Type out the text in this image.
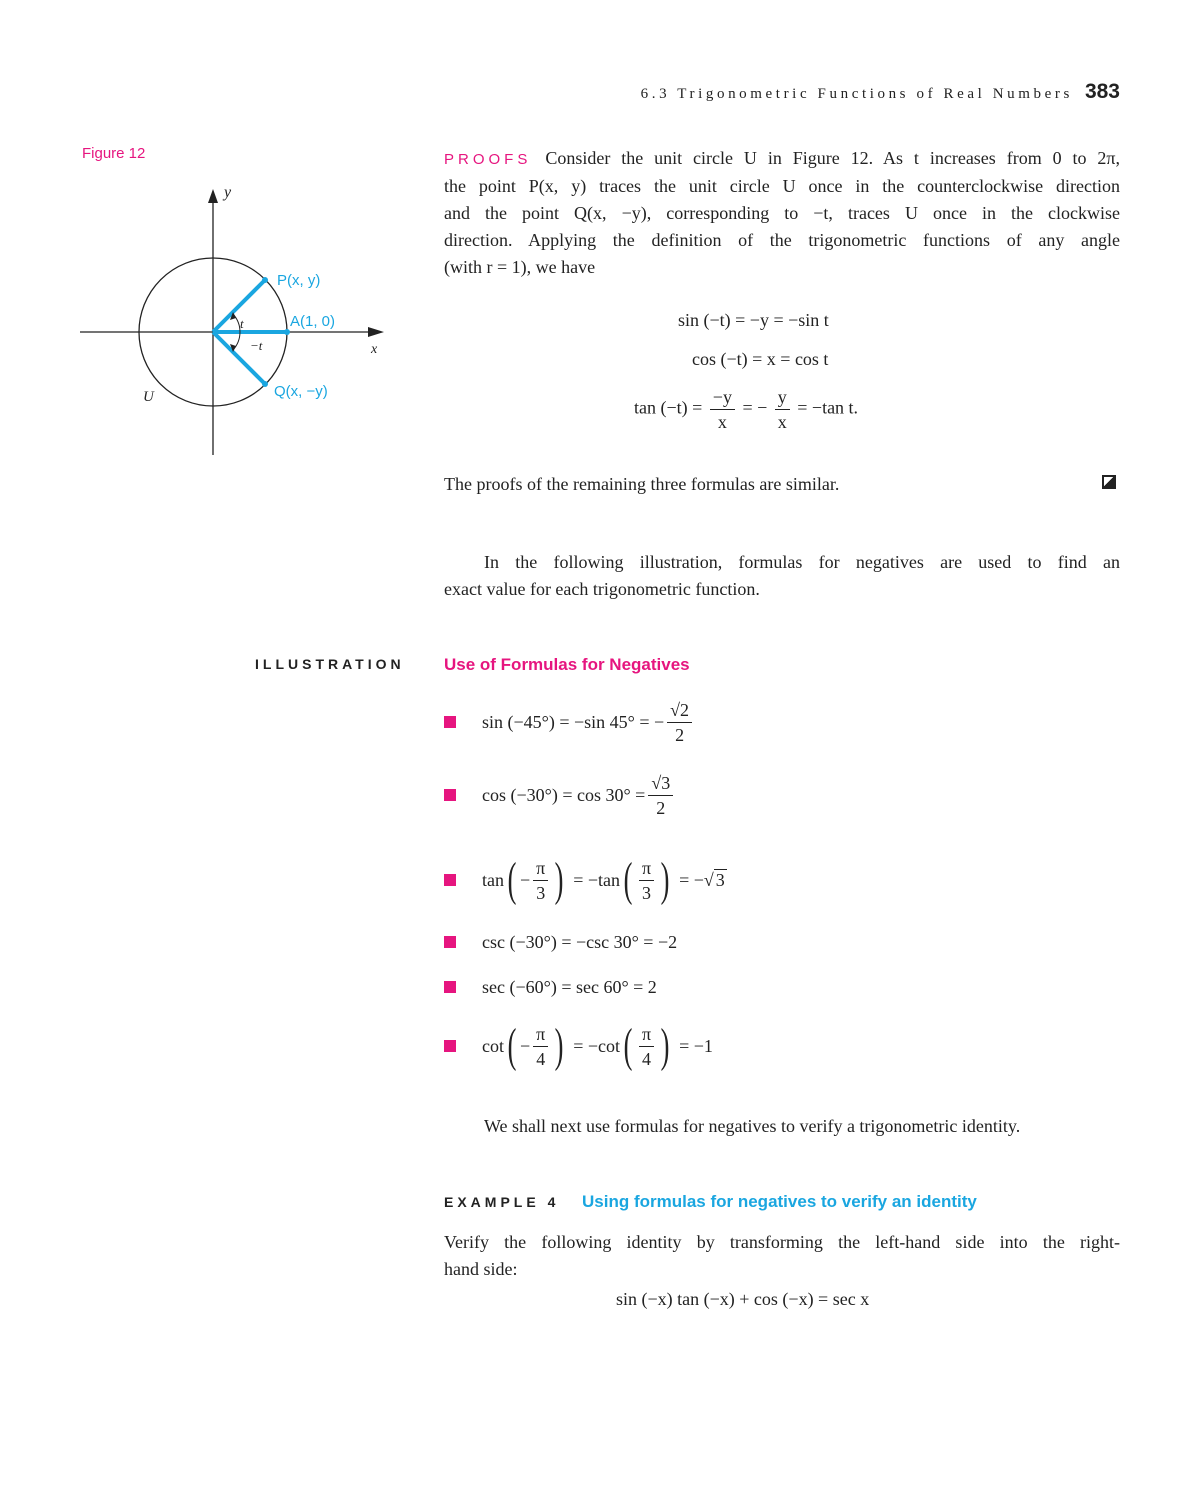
6.3 Trigonometric Functions of Real Numbers 383
Figure 12
y
x
U
P(x, y)
A(1, 0)
Q(x, −y)
t
−t
PROOFS Consider the unit circle U in Figure 12. As t increases from 0 to 2π,
the point P(x, y) traces the unit circle U once in the counterclockwise direction
and the point Q(x, −y), corresponding to −t, traces U once in the clockwise
direction. Applying the definition of the trigonometric functions of any angle
(with r = 1), we have
sin (−t) = −y = −sin t
cos (−t) = x = cos t
$\tan (-t) = \frac{-y}{x}$ = − $\frac{y}{x} = -\tan$ t.
The proofs of the remaining three formulas are similar.
In the following illustration, formulas for negatives are used to find an
exact value for each trigonometric function.
ILLUSTRATION Use of Formulas for Negatives
sin (−45°) = −sin 45° = − $\frac{√2}{2}$
$\cos (-30^\circ) = \cos 30^\circ = \frac{√3}{2}$
tan ( − $\frac{\pi}{3}$ ) = −tan ( $\frac{\pi}{3}$ ) = − √ 3
csc (−30°) = −csc 30° = −2
sec (−60°) = sec 60° = 2
cot ( − $\frac{\pi}{4}$ ) = −cot ( $\frac{\pi}{4}$ ) = −1
We shall next use formulas for negatives to verify a trigonometric identity.
EXAMPLE 4 Using formulas for negatives to verify an identity
Verify the following identity by transforming the left-hand side into the right-
hand side:
sin (−x) tan (−x) + cos (−x) = sec x
